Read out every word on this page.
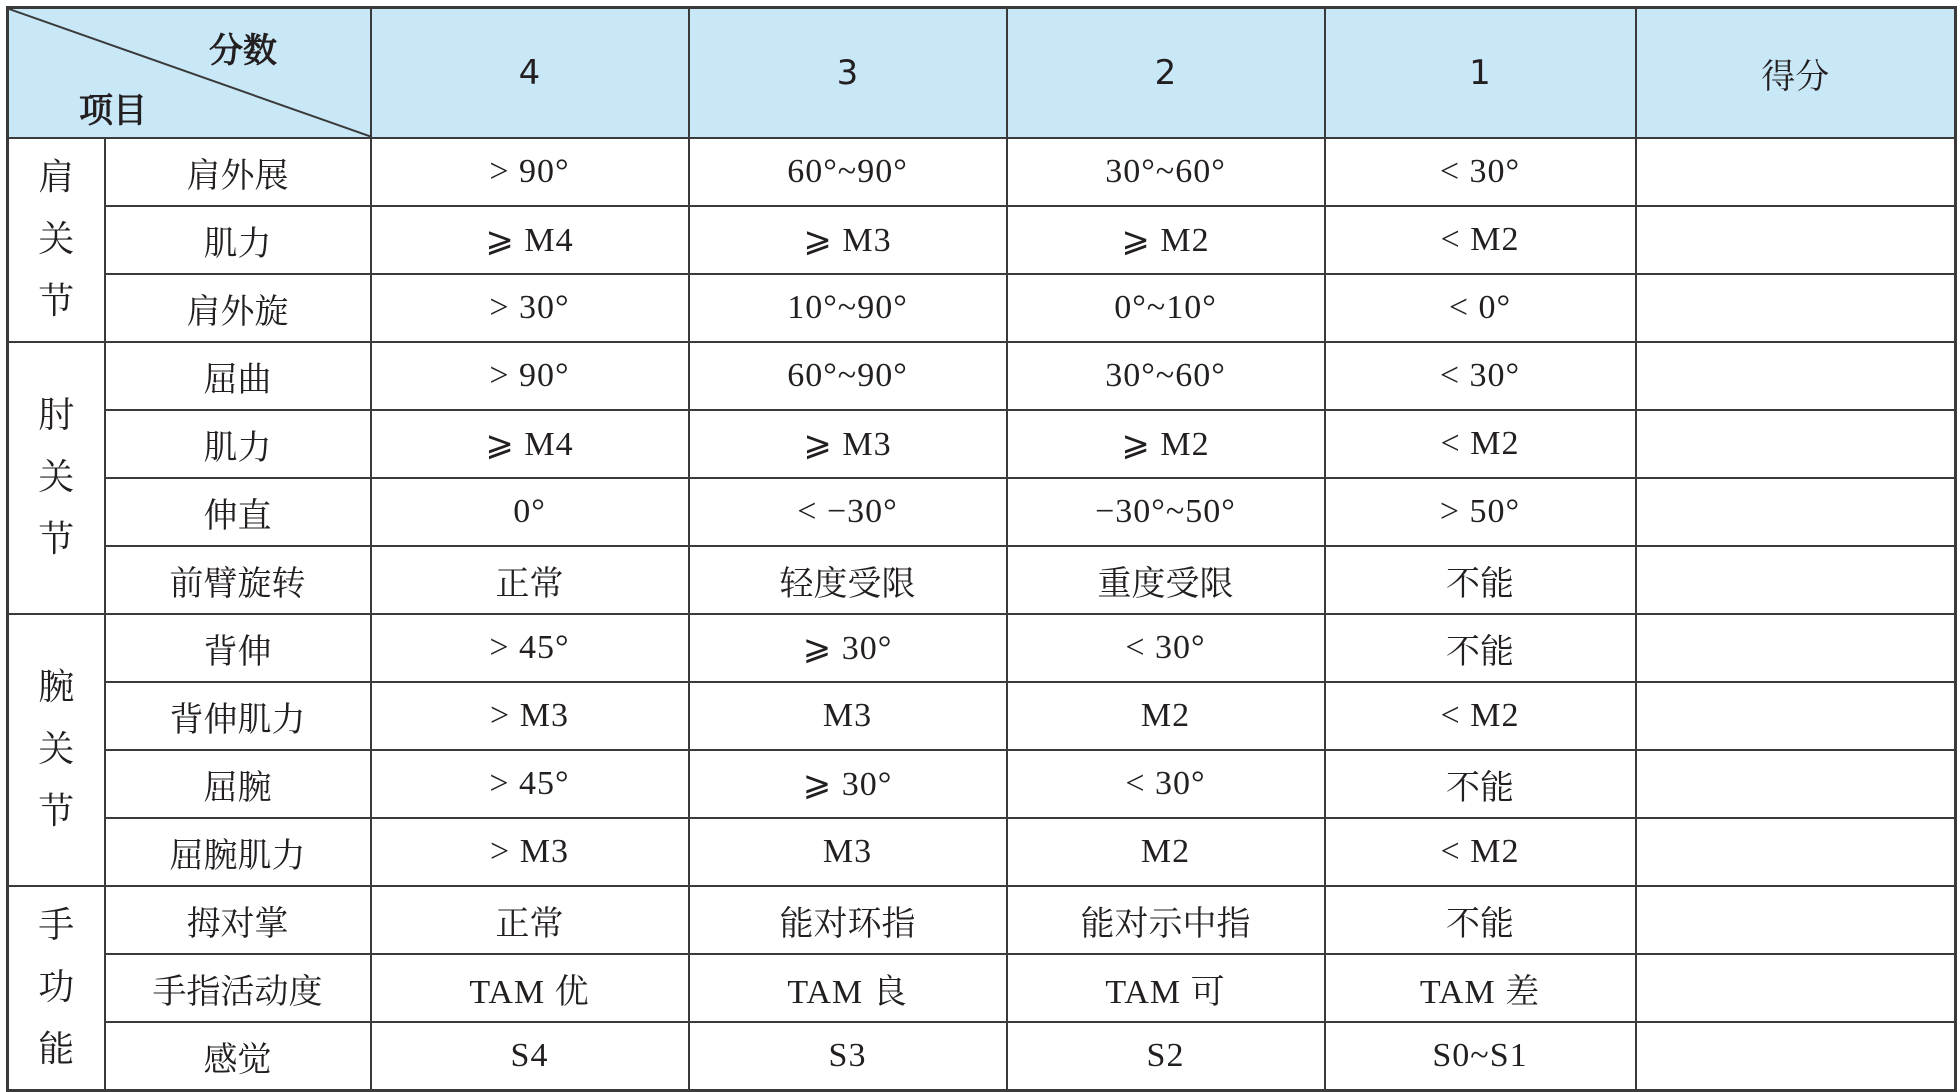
分数
项目		4	3	2	1	得分

肩
关
节	肩外展	> 90°	60°~90°	30°~60°	< 30°	
	肌力	⩾ M4	⩾ M3	⩾ M2	< M2	
	肩外旋	> 30°	10°~90°	0°~10°	< 0°	

肘
关
节	屈曲	> 90°	60°~90°	30°~60°	< 30°	
	肌力	⩾ M4	⩾ M3	⩾ M2	< M2	
	伸直	0°	< −30°	−30°~50°	> 50°	
	前臂旋转	正常	轻度受限	重度受限	不能	

腕
关
节	背伸	> 45°	⩾ 30°	< 30°	不能	
	背伸肌力	> M3	M3	M2	< M2	
	屈腕	> 45°	⩾ 30°	< 30°	不能	
	屈腕肌力	> M3	M3	M2	< M2	

手
功
能	拇对掌	正常	能对环指	能对示中指	不能	
	手指活动度	TAM 优	TAM 良	TAM 可	TAM 差	
	感觉	S4	S3	S2	S0~S1	
